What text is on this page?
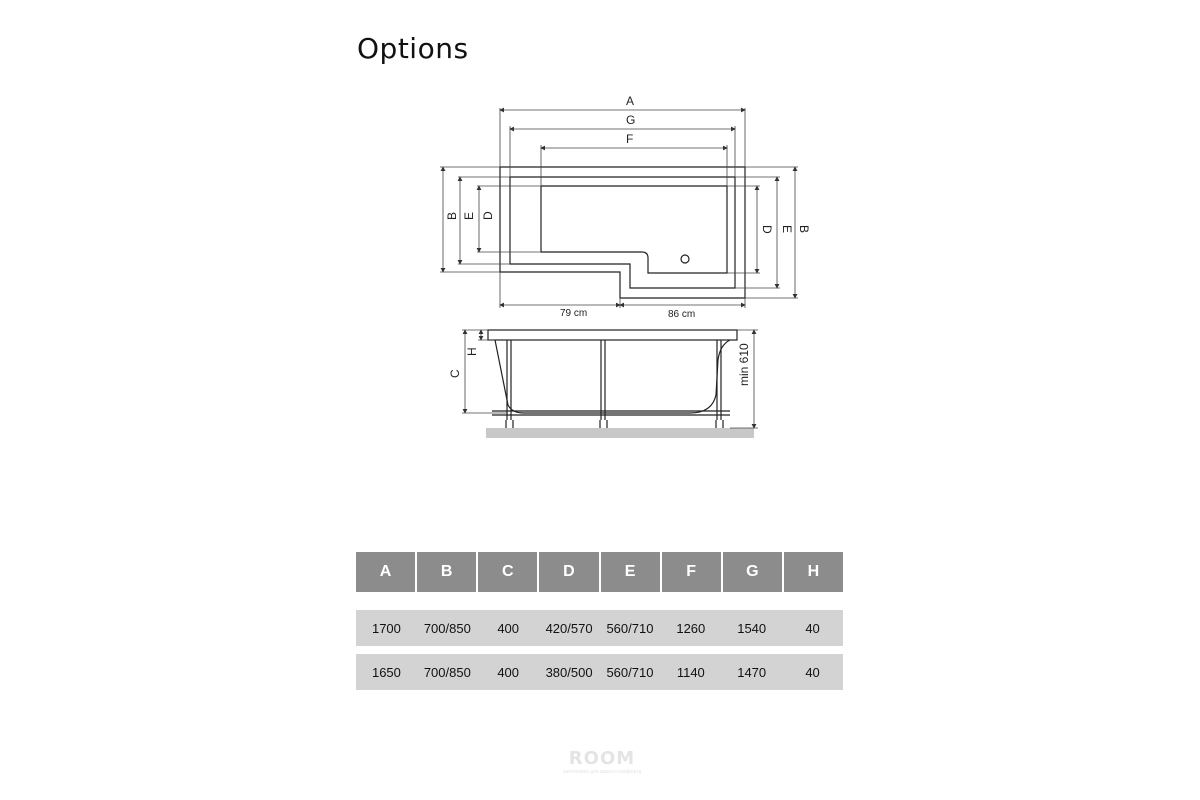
Options
A
G
F
B E D
D E B
79 cm	86 cm
H
C	min 610
A	B	C	D	E	F	G	H
1700	700/850	400	420/570	560/710	1260	1540	40
1650	700/850	400	380/500	560/710	1140	1470	40
ROOM
сантехника для вашего комфорта
